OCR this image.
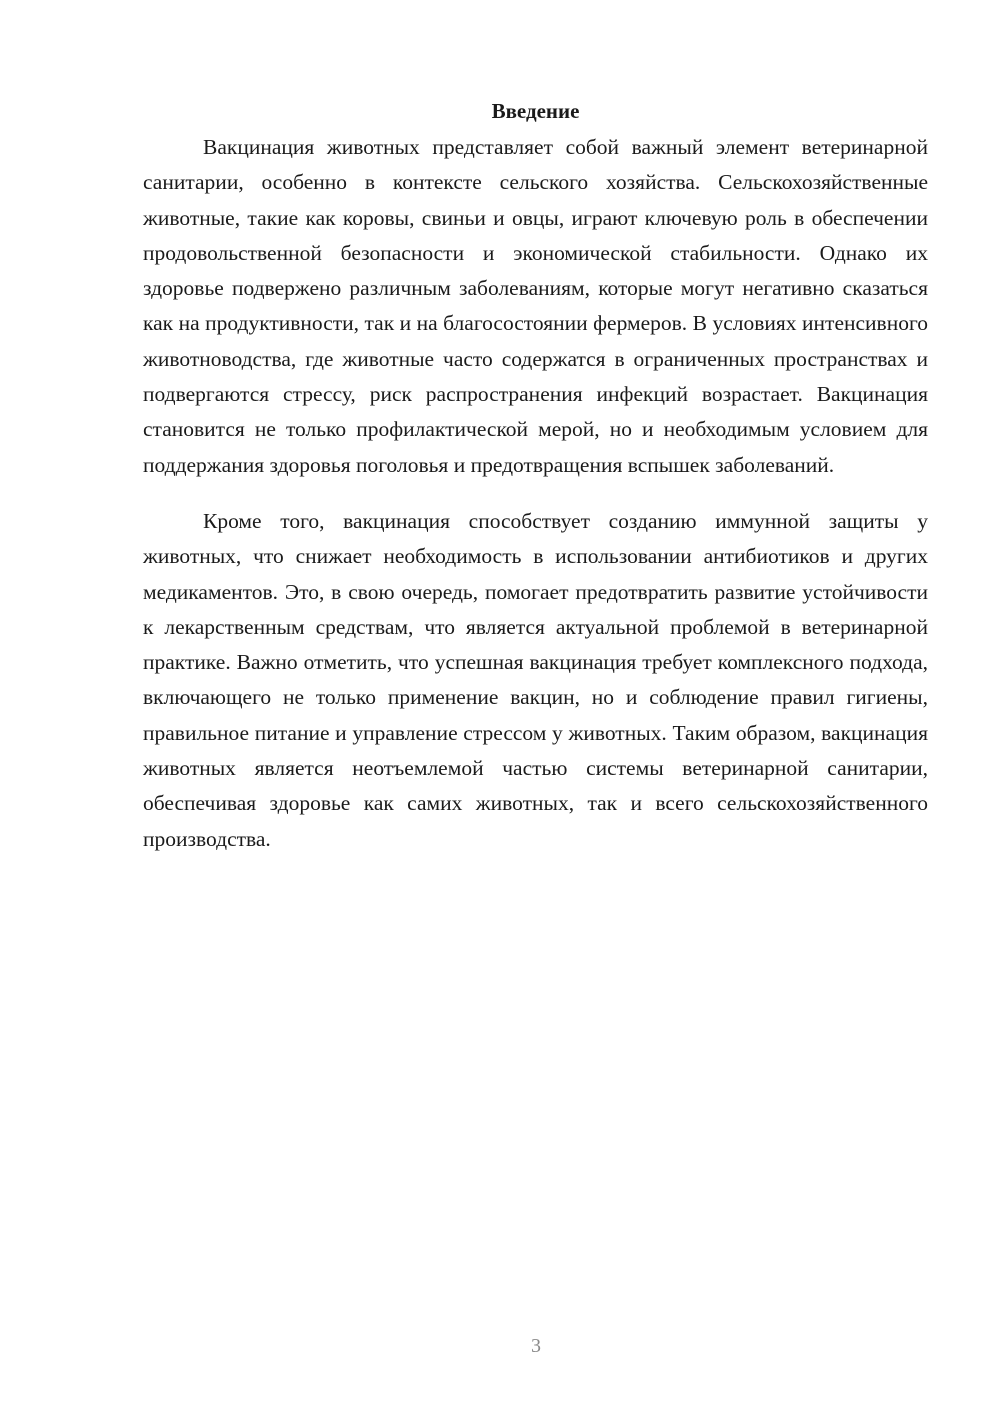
Введение

Вакцинация животных представляет собой важный элемент ветеринарной санитарии, особенно в контексте сельского хозяйства. Сельскохозяйственные животные, такие как коровы, свиньи и овцы, играют ключевую роль в обеспечении продовольственной безопасности и экономической стабильности. Однако их здоровье подвержено различным заболеваниям, которые могут негативно сказаться как на продуктивности, так и на благосостоянии фермеров. В условиях интенсивного животноводства, где животные часто содержатся в ограниченных пространствах и подвергаются стрессу, риск распространения инфекций возрастает. Вакцинация становится не только профилактической мерой, но и необходимым условием для поддержания здоровья поголовья и предотвращения вспышек заболеваний.

Кроме того, вакцинация способствует созданию иммунной защиты у животных, что снижает необходимость в использовании антибиотиков и других медикаментов. Это, в свою очередь, помогает предотвратить развитие устойчивости к лекарственным средствам, что является актуальной проблемой в ветеринарной практике. Важно отметить, что успешная вакцинация требует комплексного подхода, включающего не только применение вакцин, но и соблюдение правил гигиены, правильное питание и управление стрессом у животных. Таким образом, вакцинация животных является неотъемлемой частью системы ветеринарной санитарии, обеспечивая здоровье как самих животных, так и всего сельскохозяйственного производства.

3
